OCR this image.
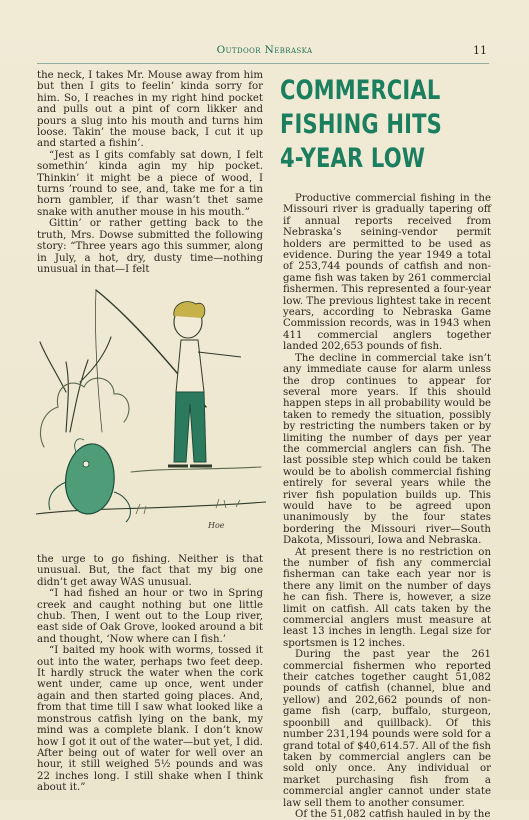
Outdoor Nebraska	11

the neck, I takes Mr. Mouse away from him but then I gits to feelin’ kinda sorry for him. So, I reaches in my right hind pocket and pulls out a pint of corn likker and pours a slug into his mouth and turns him loose. Takin’ the mouse back, I cut it up and started a fishin’.

“Jest as I gits comfably sat down, I felt somethin’ kinda agin my hip pocket. Thinkin’ it might be a piece of wood, I turns ’round to see, and, take me for a tin horn gambler, if thar wasn’t thet same snake with anuther mouse in his mouth.”

Gittin’ or rather getting back to the truth, Mrs. Dowse submitted the following story: “Three years ago this summer, along in July, a hot, dry, dusty time—nothing unusual in that—I felt

Hoe

the urge to go fishing. Neither is that unusual. But, the fact that my big one didn’t get away WAS unusual.

“I had fished an hour or two in Spring creek and caught nothing but one little chub. Then, I went out to the Loup river, east side of Oak Grove, looked around a bit and thought, ‘Now where can I fish.’

“I baited my hook with worms, tossed it out into the water, perhaps two feet deep. It hardly struck the water when the cork went under, came up once, went under again and then started going places. And, from that time till I saw what looked like a monstrous catfish lying on the bank, my mind was a complete blank. I don’t know how I got it out of the water—but yet, I did. After being out of water for well over an hour, it still weighed 5½ pounds and was 22 inches long. I still shake when I think about it.”

COMMERCIAL
FISHING HITS
4-YEAR LOW

Productive commercial fishing in the Missouri river is gradually tapering off if annual reports received from Nebraska’s seining-vendor permit holders are permitted to be used as evidence. During the year 1949 a total of 253,744 pounds of catfish and non-game fish was taken by 261 commercial fishermen. This represented a four-year low. The previous lightest take in recent years, according to Nebraska Game Commission records, was in 1943 when 411 commercial anglers together landed 202,653 pounds of fish.

The decline in commercial take isn’t any immediate cause for alarm unless the drop continues to appear for several more years. If this should happen steps in all probability would be taken to remedy the situation, possibly by restricting the numbers taken or by limiting the number of days per year the commercial anglers can fish. The last possible step which could be taken would be to abolish commercial fishing entirely for several years while the river fish population builds up. This would have to be agreed upon unanimously by the four states bordering the Missouri river—South Dakota, Missouri, Iowa and Nebraska.

At present there is no restriction on the number of fish any commercial fisherman can take each year nor is there any limit on the number of days he can fish. There is, however, a size limit on catfish. All cats taken by the commercial anglers must measure at least 13 inches in length. Legal size for sportsmen is 12 inches.

During the past year the 261 commercial fishermen who reported their catches together caught 51,082 pounds of catfish (channel, blue and yellow) and 202,662 pounds of non-game fish (carp, buffalo, sturgeon, spoonbill and quillback). Of this number 231,194 pounds were sold for a grand total of $40,614.57. All of the fish taken by commercial anglers can be sold only once. Any individual or market purchasing fish from a commercial angler cannot under state law sell them to another consumer.

Of the 51,082 catfish hauled in by the
